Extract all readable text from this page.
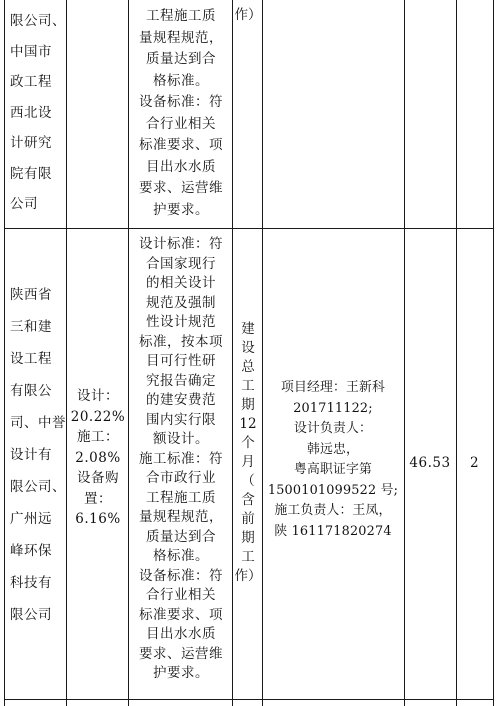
限公司、
中国市
政工程
西北设
计研究
院有限
公司
工程施工质
量规程规范，
质量达到合
格标准。
设备标准：符
合行业相关
标准要求、项
目出水水质
要求、运营维
护要求。
作）
陕西省
三和建
设工程
有限公
司、中誉
设计有
限公司、
广州远
峰环保
科技有
限公司
设计：
20.22%
施工：
2.08%
设备购
置：
6.16%
设计标准：符
合国家现行
的相关设计
规范及强制
性设计规范
标准，按本项
目可行性研
究报告确定
的建安费范
围内实行限
额设计。
施工标准：符
合市政行业
工程施工质
量规程规范，
质量达到合
格标准。
设备标准：符
合行业相关
标准要求、项
目出水水质
要求、运营维
护要求。
建
设
总
工
期
12
个
月
（
含
前
期
工
作）
项目经理：王新科
201711122;
设计负责人：
韩远忠，
粤高职证字第
1500101099522 号;
施工负责人：王凤，
陕 161171820274
46.53	2
